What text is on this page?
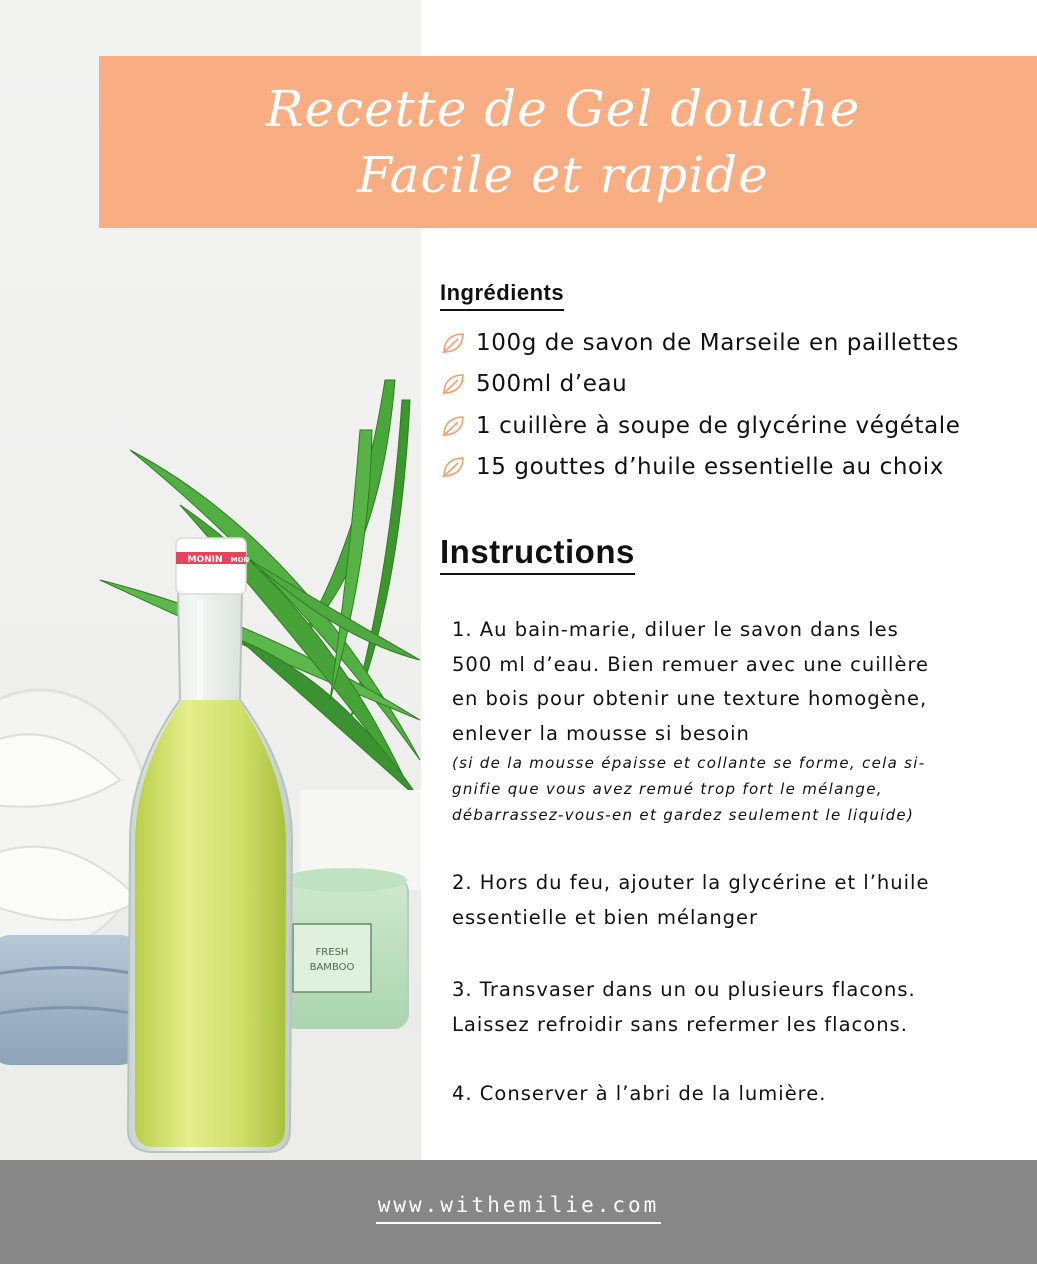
FRESH
BAMBOO
MONIN MON
Recette de Gel douche
Facile et rapide
Ingrédients
100g de savon de Marseile en paillettes
500ml d’eau
1 cuillère à soupe de glycérine végétale
15 gouttes d’huile essentielle au choix
Instructions
1. Au bain-marie, diluer le savon dans les
500 ml d’eau. Bien remuer avec une cuillère
en bois pour obtenir une texture homogène,
enlever la mousse si besoin
(si de la mousse épaisse et collante se forme, cela si-
gnifie que vous avez remué trop fort le mélange,
débarrassez-vous-en et gardez seulement le liquide)
2. Hors du feu, ajouter la glycérine et l’huile
essentielle et bien mélanger
3. Transvaser dans un ou plusieurs flacons.
Laissez refroidir sans refermer les flacons.
4. Conserver à l’abri de la lumière.
www.withemilie.com
